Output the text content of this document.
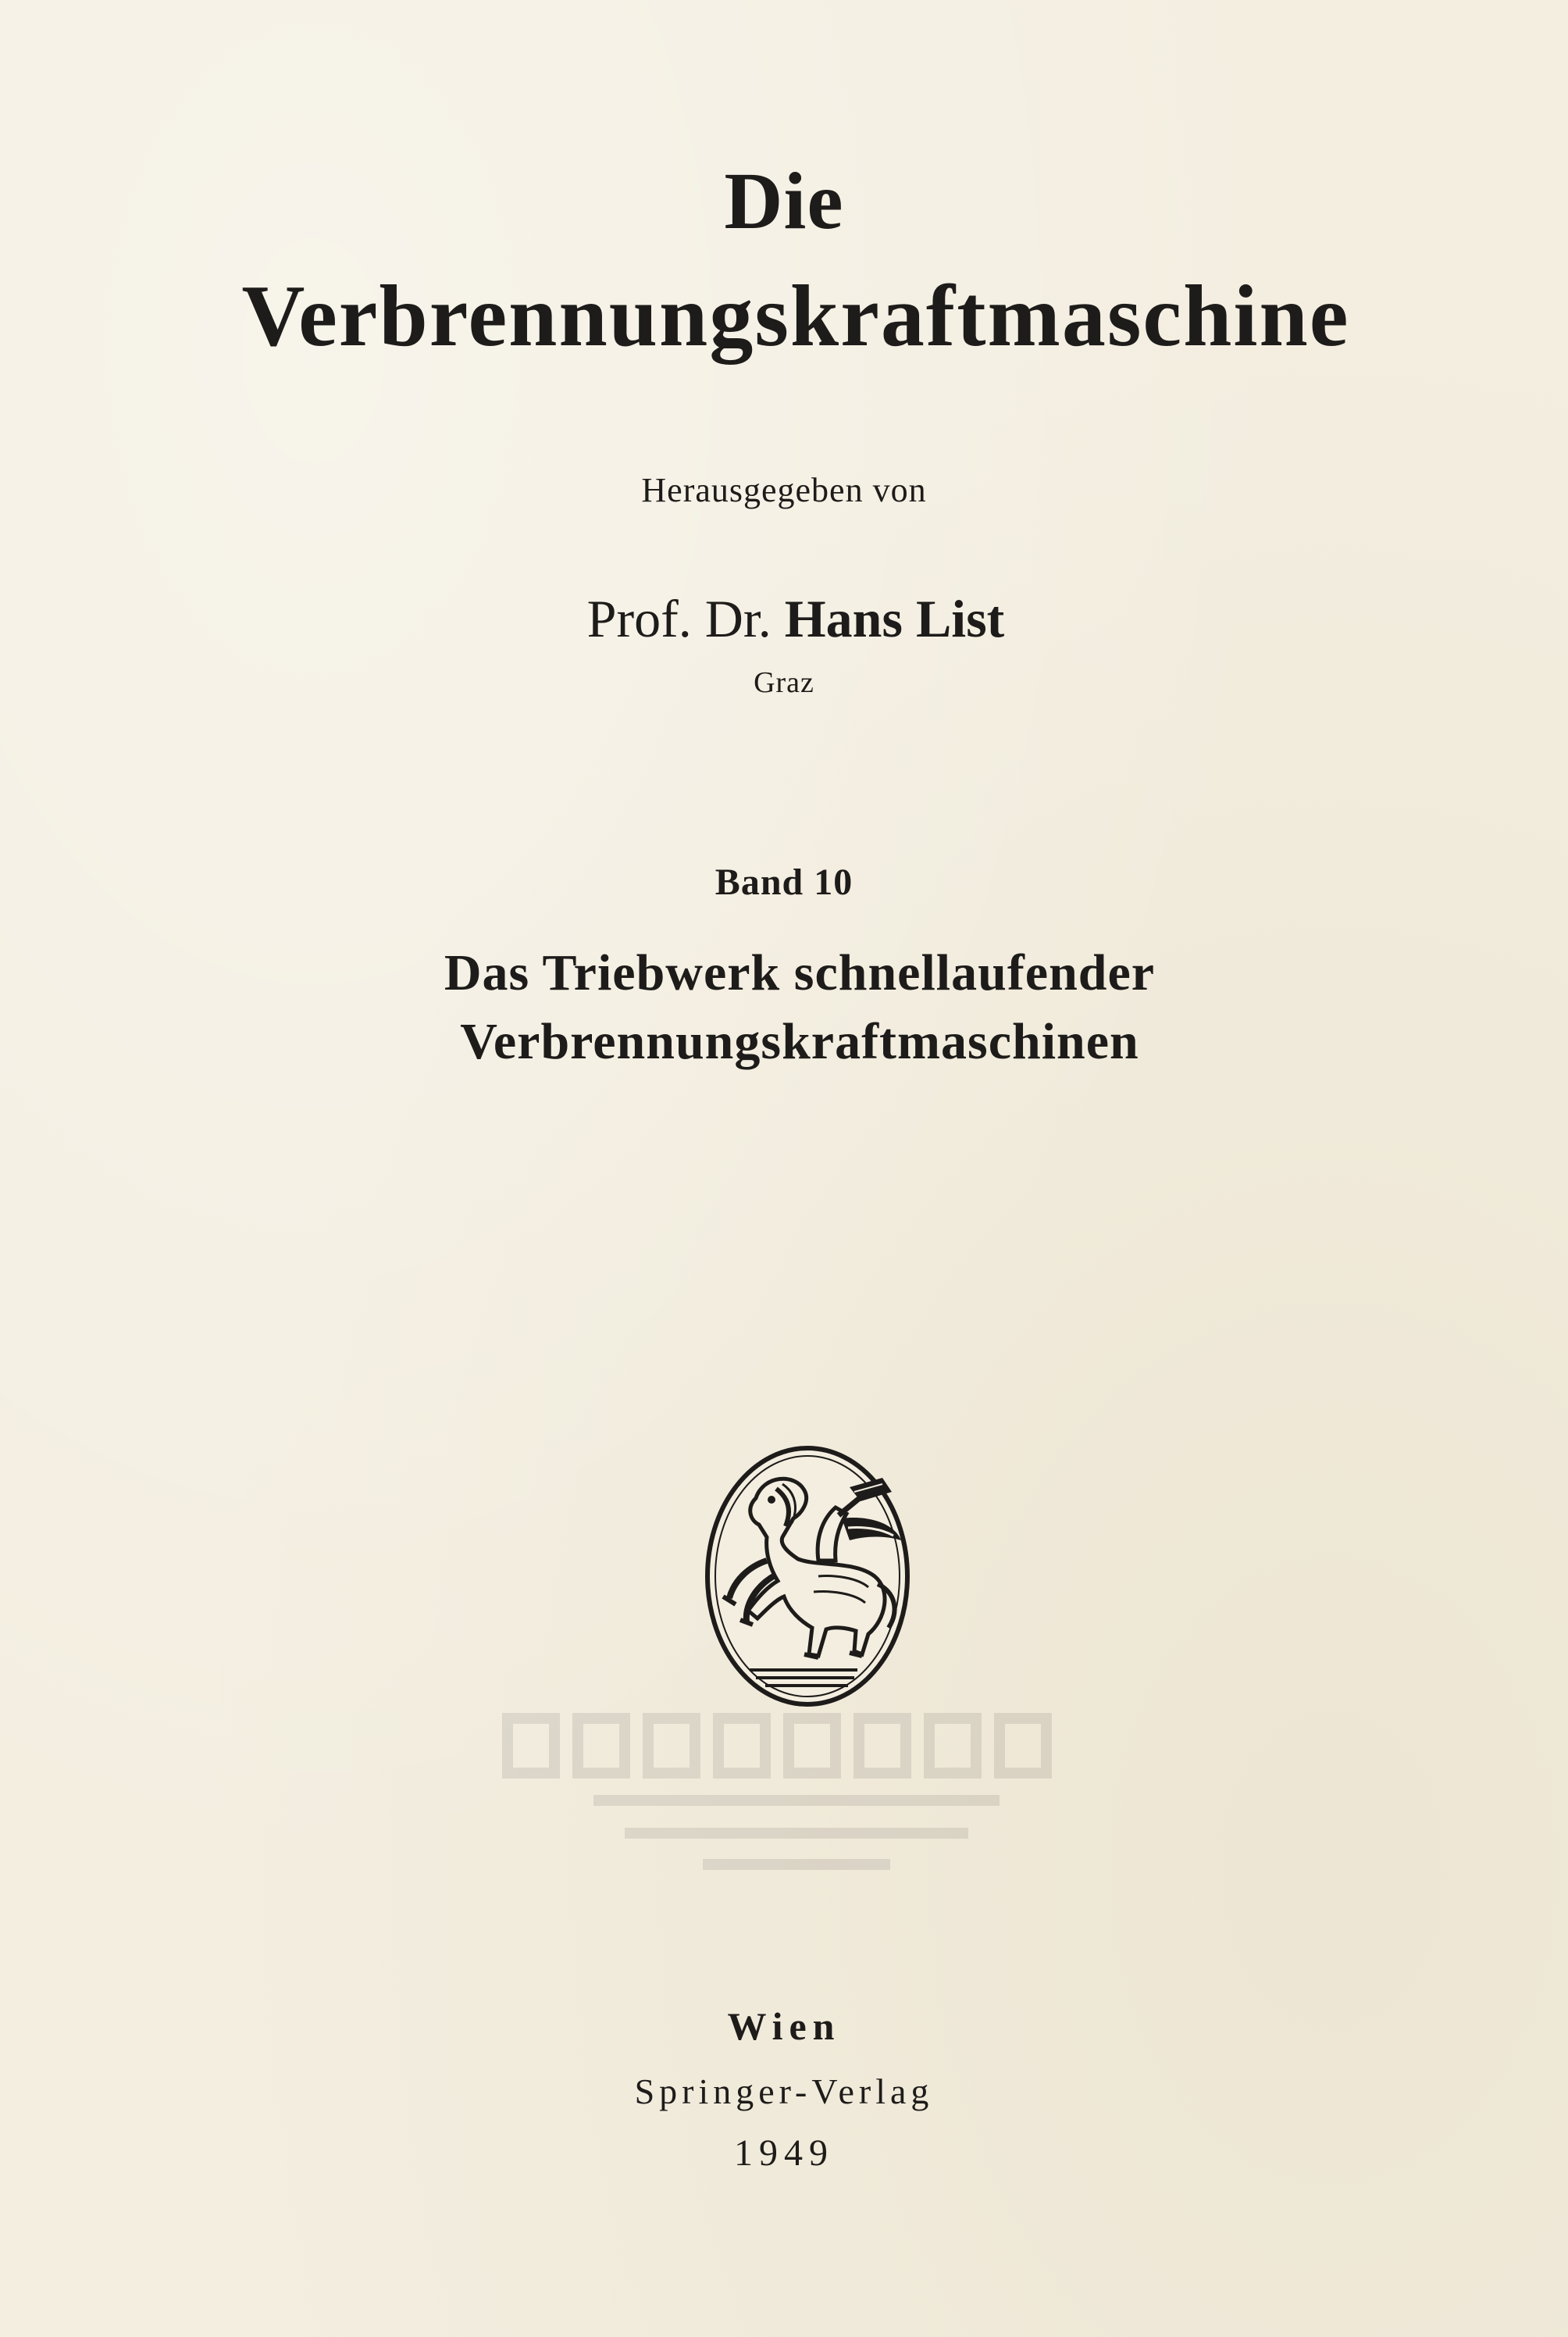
Die
Verbrennungskraftmaschine
Herausgegeben von
Prof. Dr. Hans List
Graz
Band 10
Das Triebwerk schnellaufender
Verbrennungskraftmaschinen
Wien
Springer-Verlag
1949
